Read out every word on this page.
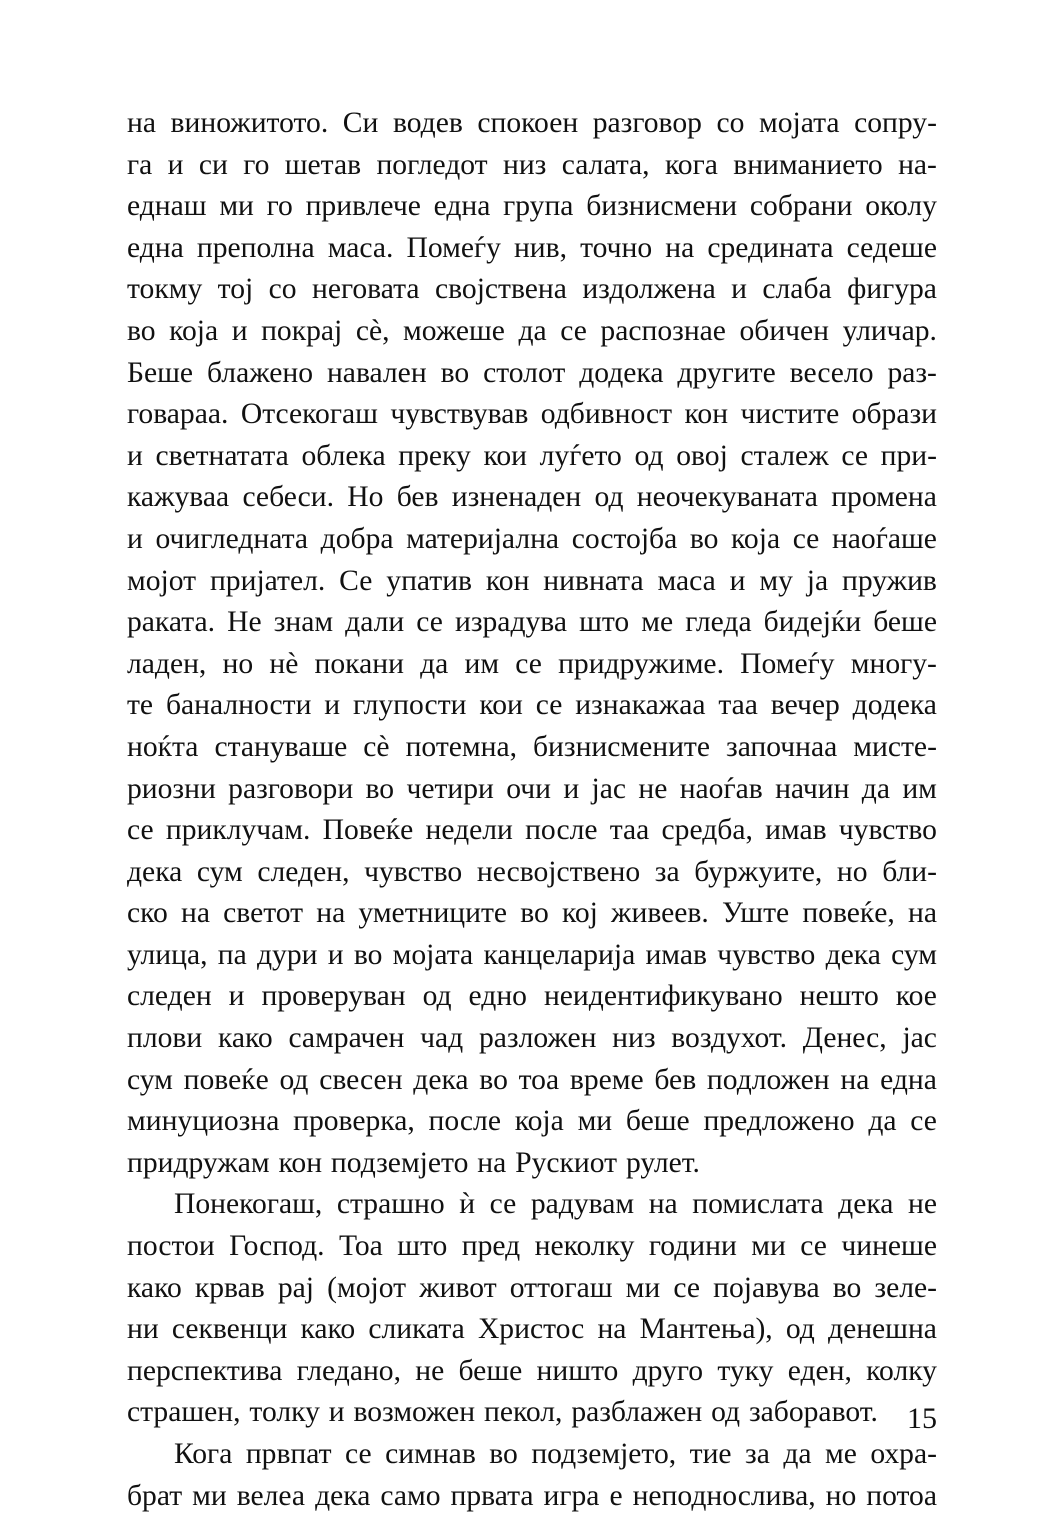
на виножитото. Си водев спокоен разговор со мојата сопру-
га и си го шетав погледот низ салата, кога вниманието на-
еднаш ми го привлече една група бизнисмени собрани околу
една преполна маса. Помеѓу нив, точно на средината седеше
токму тој со неговата својствена издолжена и слаба фигура
во која и покрај сè, можеше да се распознае обичен уличар.
Беше блажено навален во столот додека другите весело раз-
говараа. Отсекогаш чувствував одбивност кон чистите образи
и светнатата облека преку кои луѓето од овој сталеж се при-
кажуваа себеси. Но бев изненаден од неочекуваната промена
и очигледната добра материјална состојба во која се наоѓаше
мојот пријател. Се упатив кон нивната маса и му ја пружив
раката. Не знам дали се израдува што ме гледа бидејќи беше
ладен, но нè покани да им се придружиме. Помеѓу многу-
те баналности и глупости кои се изнакажаа таа вечер додека
ноќта стануваше сè потемна, бизнисмените започнаа мисте-
риозни разговори во четири очи и јас не наоѓав начин да им
се приклучам. Повеќе недели после таа средба, имав чувство
дека сум следен, чувство несвојствено за буржуите, но бли-
ско на светот на уметниците во кој живеев. Уште повеќе, на
улица, па дури и во мојата канцеларија имав чувство дека сум
следен и проверуван од едно неидентификувано нешто кое
плови како самрачен чад разложен низ воздухот. Денес, јас
сум повеќе од свесен дека во тоа време бев подложен на една
минуциозна проверка, после која ми беше предложено да се
придружам кон подземјето на Рускиот рулет.
Понекогаш, страшно ѝ се радувам на помислата дека не
постои Господ. Тоа што пред неколку години ми се чинеше
како крвав рај (мојот живот оттогаш ми се појавува во зеле-
ни секвенци како сликата Христос на Мантења), од денешна
перспектива гледано, не беше ништо друго туку еден, колку
страшен, толку и возможен пекол, разблажен од заборавот.
Кога првпат се симнав во подземјето, тие за да ме охра-
брат ми велеа дека само првата игра е неподнослива, но потоа
15
